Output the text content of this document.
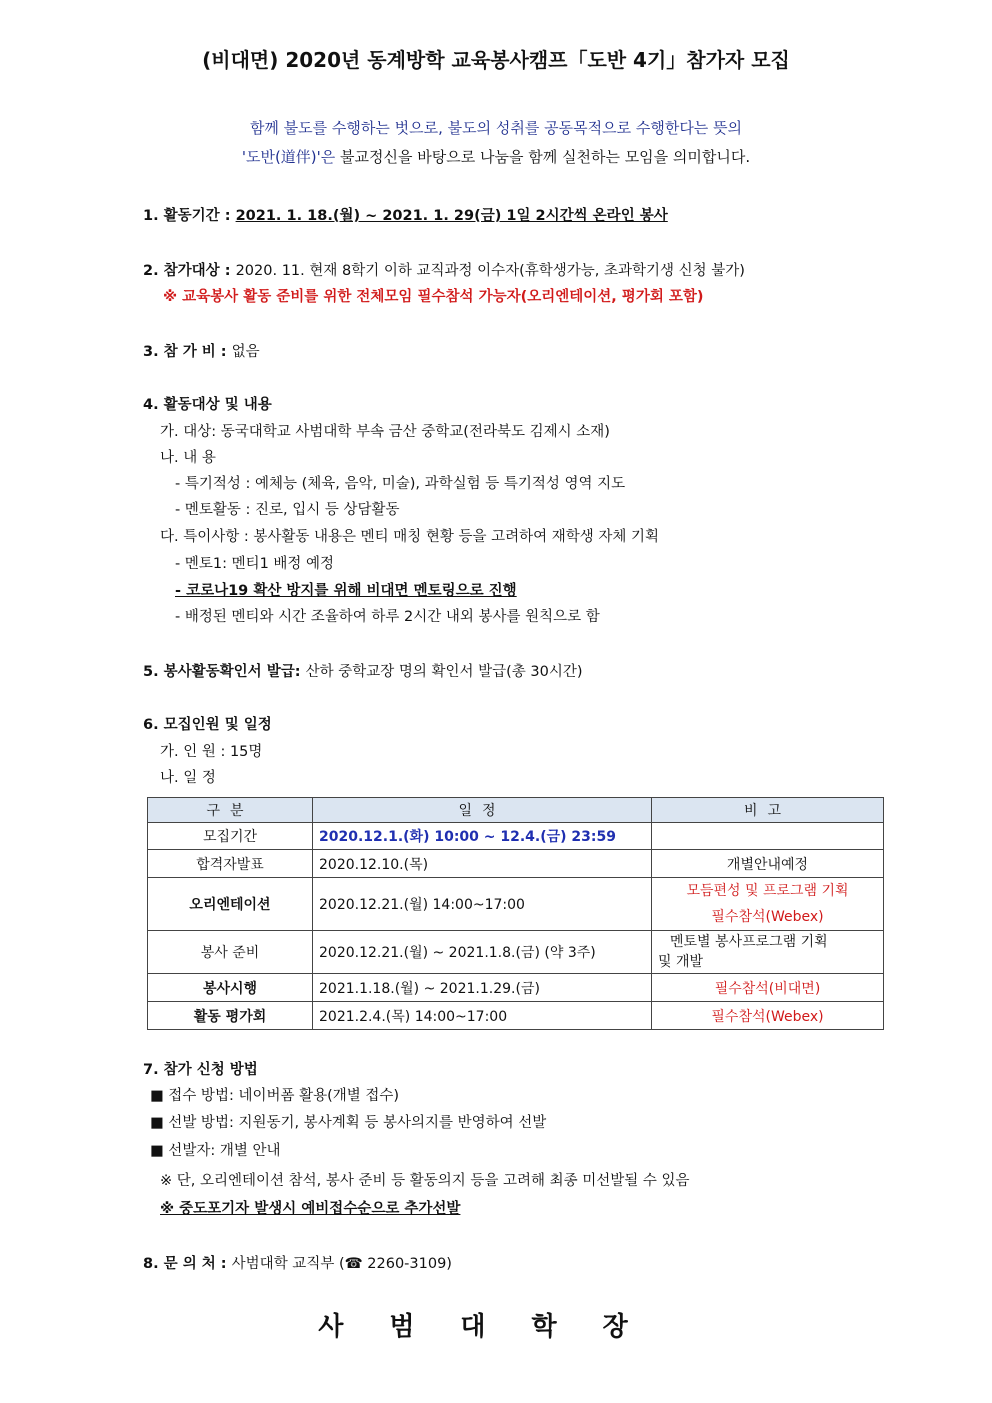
(비대면) 2020년 동계방학 교육봉사캠프「도반 4기」참가자 모집
함께 불도를 수행하는 벗으로, 불도의 성취를 공동목적으로 수행한다는 뜻의
'도반(道伴)'은 불교정신을 바탕으로 나눔을 함께 실천하는 모임을 의미합니다.
1. 활동기간 : 2021. 1. 18.(월) ~ 2021. 1. 29(금) 1일 2시간씩 온라인 봉사
2. 참가대상 : 2020. 11. 현재 8학기 이하 교직과정 이수자(휴학생가능, 초과학기생 신청 불가)
※ 교육봉사 활동 준비를 위한 전체모임 필수참석 가능자(오리엔테이션, 평가회 포함)
3. 참 가 비 : 없음
4. 활동대상 및 내용
가. 대상: 동국대학교 사범대학 부속 금산 중학교(전라북도 김제시 소재)
나. 내 용
- 특기적성 : 예체능 (체육, 음악, 미술), 과학실험 등 특기적성 영역 지도
- 멘토활동 : 진로, 입시 등 상담활동
다. 특이사항 : 봉사활동 내용은 멘티 매칭 현황 등을 고려하여 재학생 자체 기획
- 멘토1: 멘티1 배정 예정
- 코로나19 확산 방지를 위해 비대면 멘토링으로 진행
- 배정된 멘티와 시간 조율하여 하루 2시간 내외 봉사를 원칙으로 함
5. 봉사활동확인서 발급: 산하 중학교장 명의 확인서 발급(총 30시간)
6. 모집인원 및 일정
가. 인 원 : 15명
나. 일 정
구분	일정	비고
모집기간	2020.12.1.(화) 10:00 ~ 12.4.(금) 23:59	
합격자발표	2020.12.10.(목)	개별안내예정
오리엔테이션	2020.12.21.(월) 14:00~17:00	모듬편성 및 프로그램 기획
필수참석(Webex)

봉사 준비	2020.12.21.(월) ~ 2021.1.8.(금) (약 3주)	멘토별 봉사프로그램 기획
및 개발

봉사시행	2021.1.18.(월) ~ 2021.1.29.(금)	필수참석(비대면)
활동 평가회	2021.2.4.(목) 14:00~17:00	필수참석(Webex)
7. 참가 신청 방법
■ 접수 방법: 네이버폼 활용(개별 접수)
■ 선발 방법: 지원동기, 봉사계획 등 봉사의지를 반영하여 선발
■ 선발자: 개별 안내
※ 단, 오리엔테이션 참석, 봉사 준비 등 활동의지 등을 고려해 최종 미선발될 수 있음
※ 중도포기자 발생시 예비접수순으로 추가선발
8. 문 의 처 : 사범대학 교직부 (☎ 2260-3109)
사범대학장
